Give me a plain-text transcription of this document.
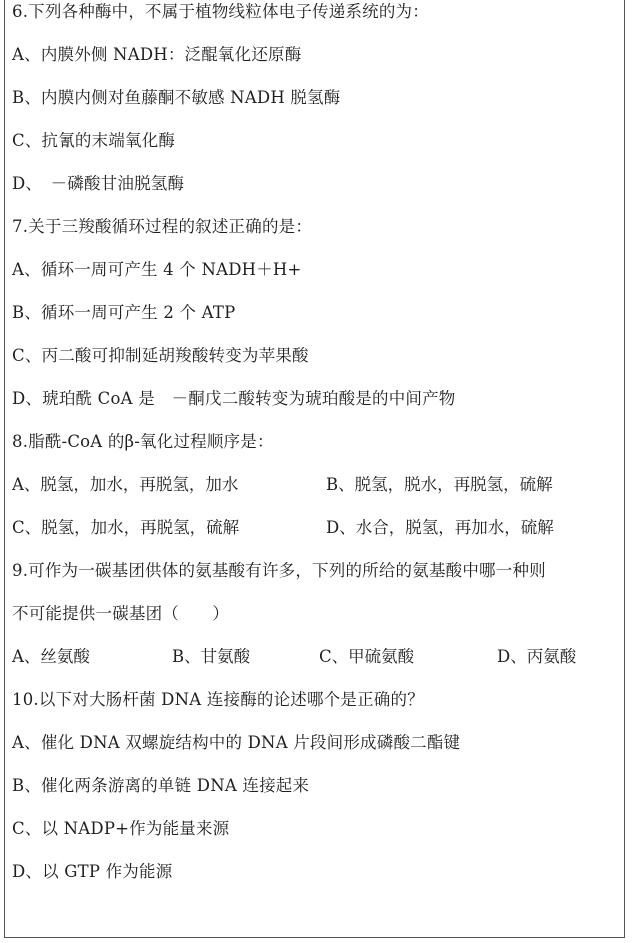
6.下列各种酶中，不属于植物线粒体电子传递系统的为：
A、内膜外侧 NADH：泛醌氧化还原酶
B、内膜内侧对鱼藤酮不敏感 NADH 脱氢酶
C、抗氰的末端氧化酶
D、　－磷酸甘油脱氢酶
7.关于三羧酸循环过程的叙述正确的是：
A、循环一周可产生 4 个 NADH＋H+
B、循环一周可产生 2 个 ATP
C、丙二酸可抑制延胡羧酸转变为苹果酸
D、琥珀酰 CoA 是　－酮戊二酸转变为琥珀酸是的中间产物
8.脂酰-CoA 的β-氧化过程顺序是：
A、脱氢，加水，再脱氢，加水	B、脱氢，脱水，再脱氢，硫解
C、脱氢，加水，再脱氢，硫解	D、水合，脱氢，再加水，硫解
9.可作为一碳基团供体的氨基酸有许多，下列的所给的氨基酸中哪一种则
不可能提供一碳基团（　　）
A、丝氨酸	B、甘氨酸	C、甲硫氨酸	D、丙氨酸
10.以下对大肠杆菌 DNA 连接酶的论述哪个是正确的？
A、催化 DNA 双螺旋结构中的 DNA 片段间形成磷酸二酯键
B、催化两条游离的单链 DNA 连接起来
C、以 NADP+作为能量来源
D、以 GTP 作为能源
